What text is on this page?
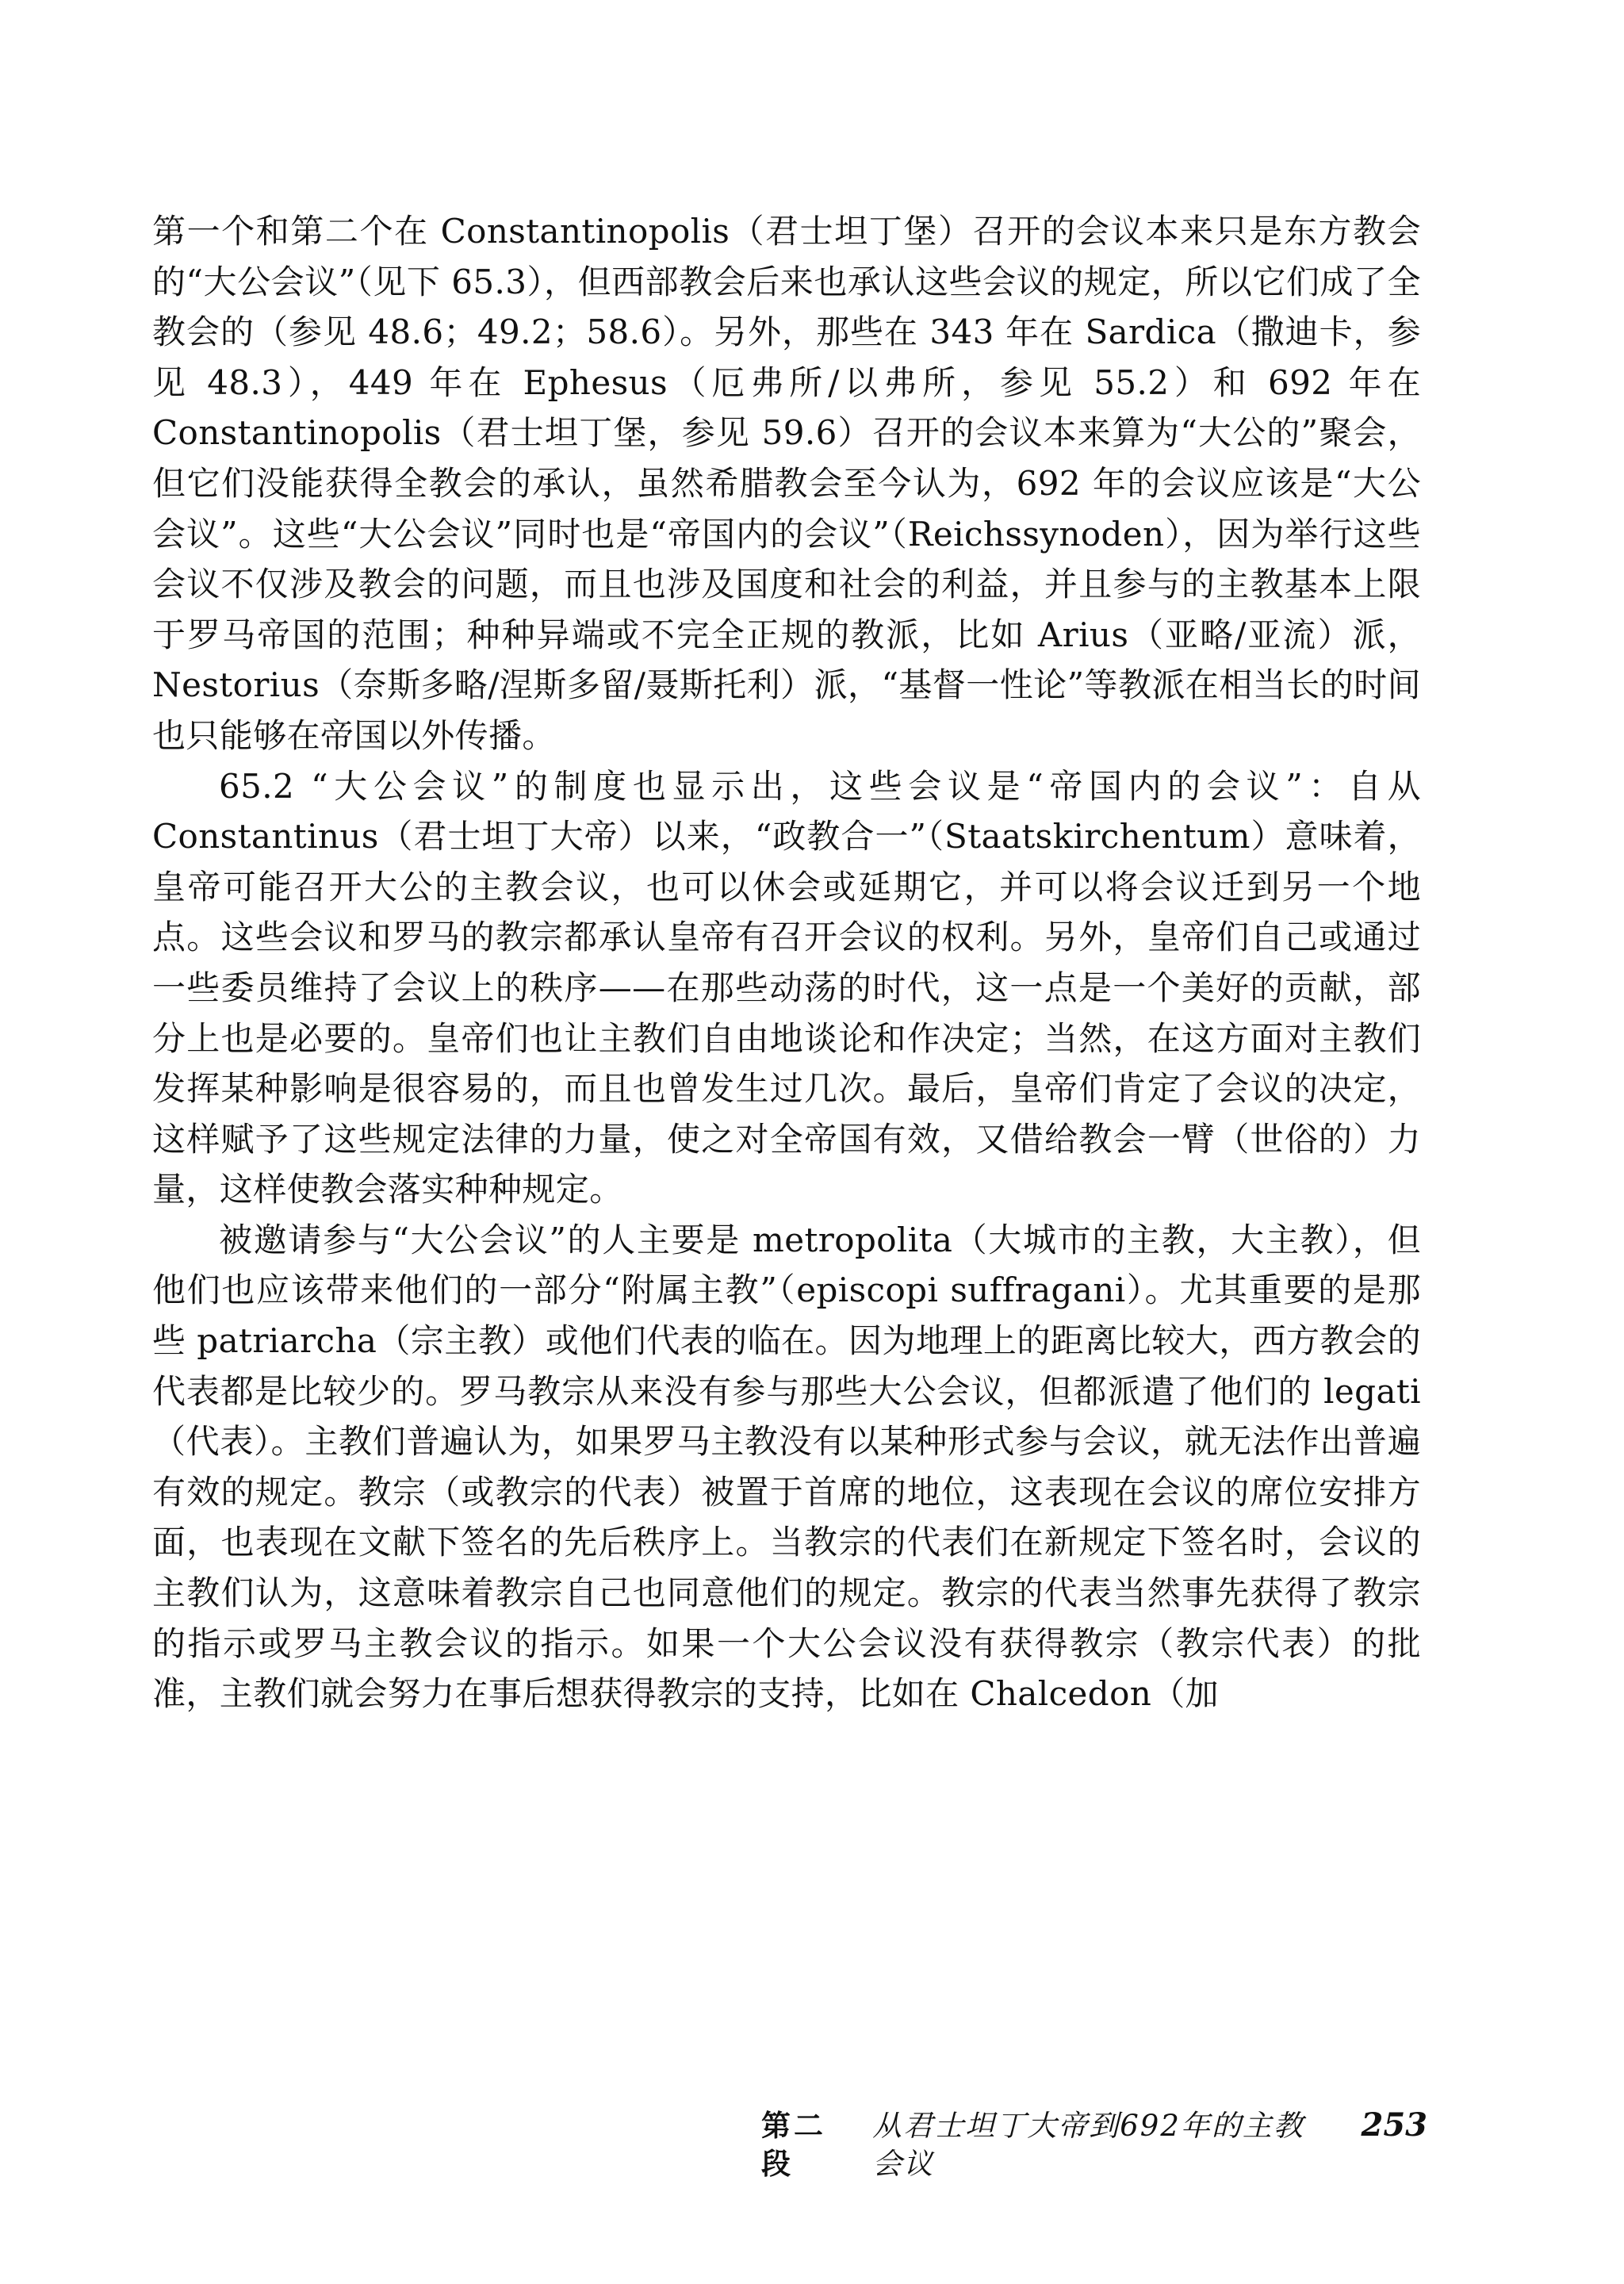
第一个和第二个在 Constantinopolis（君士坦丁堡）召开的会议本来只是东方教会的“大公会议”（见下 65.3），但西部教会后来也承认这些会议的规定，所以它们成了全教会的（参见 48.6；49.2；58.6）。另外，那些在 343 年在 Sardica（撒迪卡，参见 48.3），449 年在 Ephesus（厄弗所/以弗所，参见 55.2）和 692 年在 Constantinopolis（君士坦丁堡，参见 59.6）召开的会议本来算为“大公的”聚会，但它们没能获得全教会的承认，虽然希腊教会至今认为，692 年的会议应该是“大公会议”。这些“大公会议”同时也是“帝国内的会议”（Reichssynoden），因为举行这些会议不仅涉及教会的问题，而且也涉及国度和社会的利益，并且参与的主教基本上限于罗马帝国的范围；种种异端或不完全正规的教派，比如 Arius（亚略/亚流）派，Nestorius（奈斯多略/涅斯多留/聂斯托利）派，“基督一性论”等教派在相当长的时间也只能够在帝国以外传播。

65.2 “大公会议”的制度也显示出，这些会议是“帝国内的会议”：自从 Constantinus（君士坦丁大帝）以来，“政教合一”（Staatskirchentum）意味着，皇帝可能召开大公的主教会议，也可以休会或延期它，并可以将会议迁到另一个地点。这些会议和罗马的教宗都承认皇帝有召开会议的权利。另外，皇帝们自己或通过一些委员维持了会议上的秩序——在那些动荡的时代，这一点是一个美好的贡献，部分上也是必要的。皇帝们也让主教们自由地谈论和作决定；当然，在这方面对主教们发挥某种影响是很容易的，而且也曾发生过几次。最后，皇帝们肯定了会议的决定，这样赋予了这些规定法律的力量，使之对全帝国有效，又借给教会一臂（世俗的）力量，这样使教会落实种种规定。

被邀请参与“大公会议”的人主要是 metropolita（大城市的主教，大主教），但他们也应该带来他们的一部分“附属主教”（episcopi suffragani）。尤其重要的是那些 patriarcha（宗主教）或他们代表的临在。因为地理上的距离比较大，西方教会的代表都是比较少的。罗马教宗从来没有参与那些大公会议，但都派遣了他们的 legati（代表）。主教们普遍认为，如果罗马主教没有以某种形式参与会议，就无法作出普遍有效的规定。教宗（或教宗的代表）被置于首席的地位，这表现在会议的席位安排方面，也表现在文献下签名的先后秩序上。当教宗的代表们在新规定下签名时，会议的主教们认为，这意味着教宗自己也同意他们的规定。教宗的代表当然事先获得了教宗的指示或罗马主教会议的指示。如果一个大公会议没有获得教宗（教宗代表）的批准，主教们就会努力在事后想获得教宗的支持，比如在 Chalcedon（加

第二段
从君士坦丁大帝到692年的主教会议
253
